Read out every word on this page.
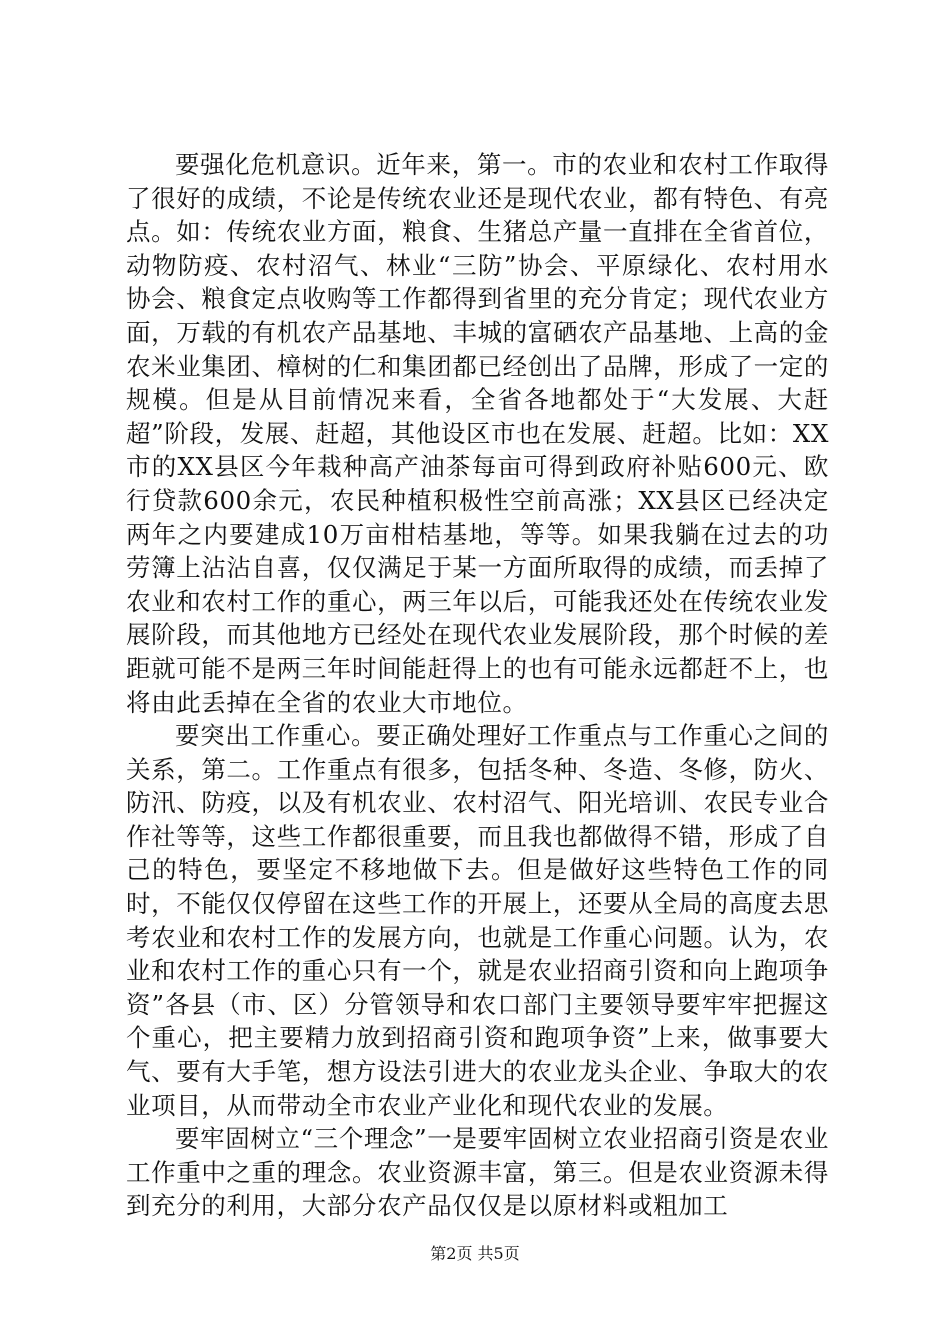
要强化危机意识。近年来，第一。市的农业和农村工作取得了很好的成绩，不论是传统农业还是现代农业，都有特色、有亮点。如：传统农业方面，粮食、生猪总产量一直排在全省首位，动物防疫、农村沼气、林业“三防”协会、平原绿化、农村用水协会、粮食定点收购等工作都得到省里的充分肯定；现代农业方面，万载的有机农产品基地、丰城的富硒农产品基地、上高的金农米业集团、樟树的仁和集团都已经创出了品牌，形成了一定的规模。但是从目前情况来看，全省各地都处于“大发展、大赶超”阶段，发展、赶超，其他设区市也在发展、赶超。比如：XX市的XX县区今年栽种高产油茶每亩可得到政府补贴600元、欧行贷款600余元，农民种植积极性空前高涨；XX县区已经决定两年之内要建成10万亩柑桔基地，等等。如果我躺在过去的功劳簿上沾沾自喜，仅仅满足于某一方面所取得的成绩，而丢掉了农业和农村工作的重心，两三年以后，可能我还处在传统农业发展阶段，而其他地方已经处在现代农业发展阶段，那个时候的差距就可能不是两三年时间能赶得上的也有可能永远都赶不上，也将由此丢掉在全省的农业大市地位。

要突出工作重心。要正确处理好工作重点与工作重心之间的关系，第二。工作重点有很多，包括冬种、冬造、冬修，防火、防汛、防疫，以及有机农业、农村沼气、阳光培训、农民专业合作社等等，这些工作都很重要，而且我也都做得不错，形成了自己的特色，要坚定不移地做下去。但是做好这些特色工作的同时，不能仅仅停留在这些工作的开展上，还要从全局的高度去思考农业和农村工作的发展方向，也就是工作重心问题。认为，农业和农村工作的重心只有一个，就是农业招商引资和向上跑项争资”各县（市、区）分管领导和农口部门主要领导要牢牢把握这个重心，把主要精力放到招商引资和跑项争资”上来，做事要大气、要有大手笔，想方设法引进大的农业龙头企业、争取大的农业项目，从而带动全市农业产业化和现代农业的发展。

要牢固树立“三个理念”一是要牢固树立农业招商引资是农业工作重中之重的理念。农业资源丰富，第三。但是农业资源未得到充分的利用，大部分农产品仅仅是以原材料或粗加工

第2页 共5页
